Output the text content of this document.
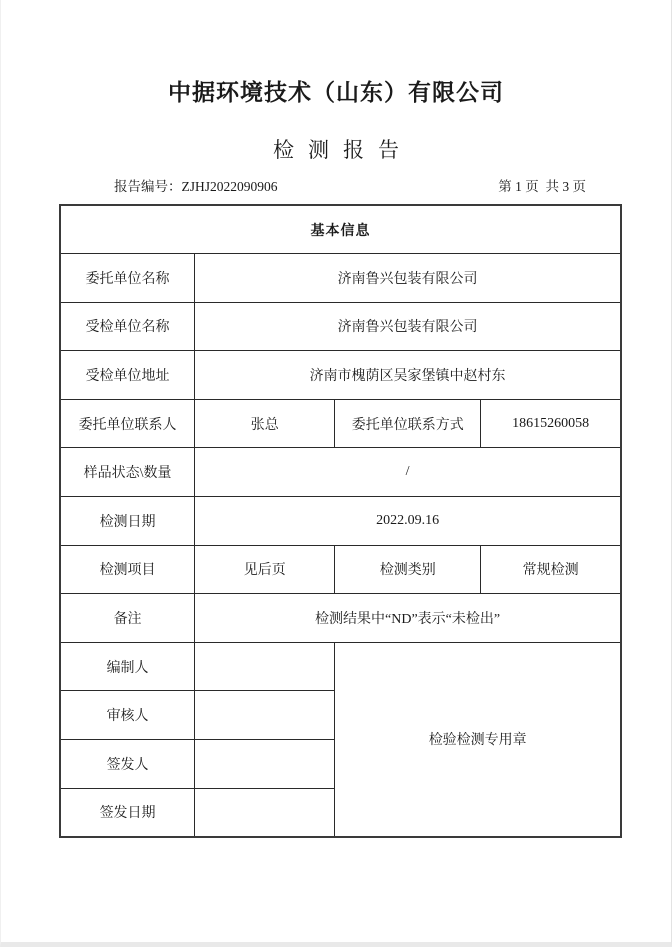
中据环境技术（山东）有限公司
检测报告
报告编号：ZJHJ2022090906	第 1 页  共 3 页
基本信息			
委托单位名称	济南鲁兴包装有限公司		
受检单位名称	济南鲁兴包装有限公司		
受检单位地址	济南市槐荫区吴家堡镇中赵村东		
委托单位联系人	张总	委托单位联系方式	18615260058
样品状态\数量	/		
检测日期	2022.09.16		
检测项目	见后页	检测类别	常规检测
备注	检测结果中“ND”表示“未检出”		
编制人		检验检测专用章	
审核人			
签发人			
签发日期			
